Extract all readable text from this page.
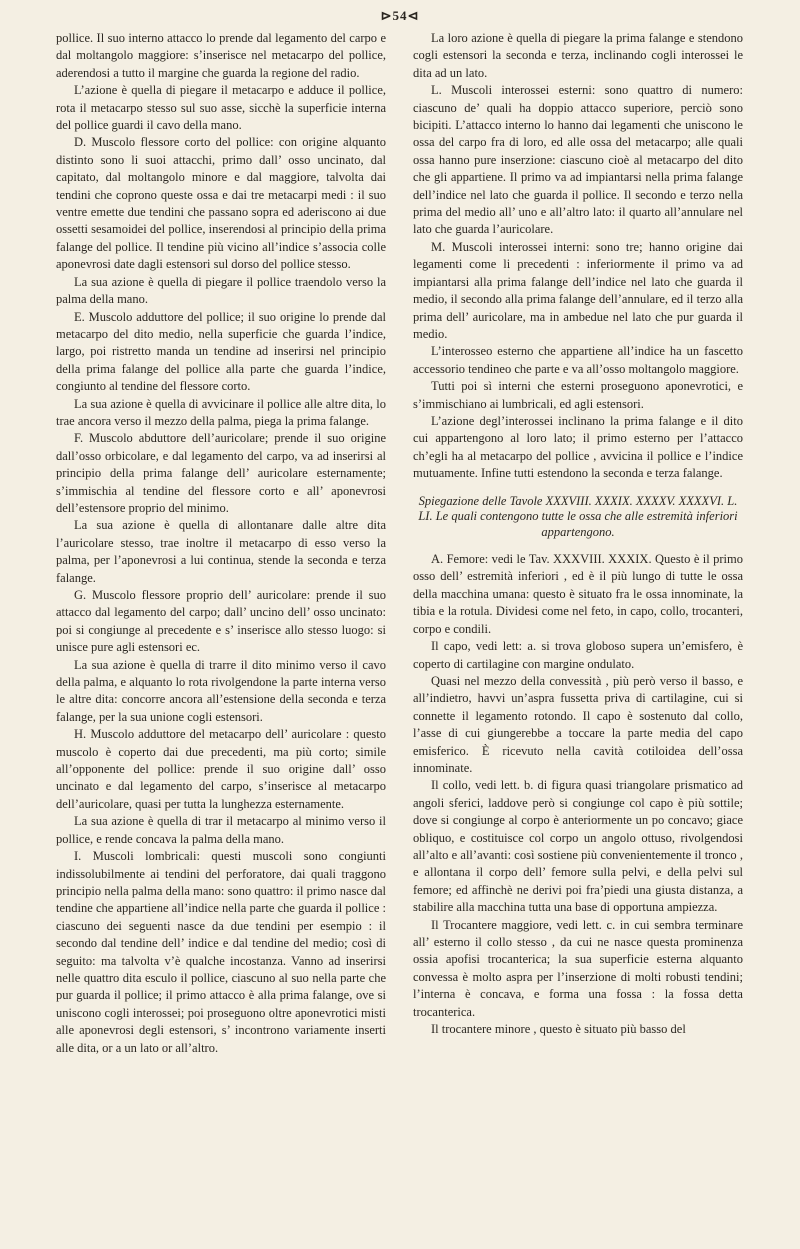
⊳54⊲

pollice. Il suo interno attacco lo prende dal legamento del carpo e dal moltangolo maggiore: s’inserisce nel metacarpo del pollice, aderendosi a tutto il margine che guarda la regione del radio.

L’azione è quella di piegare il metacarpo e adduce il pollice, rota il metacarpo stesso sul suo asse, sicchè la superficie interna del pollice guardi il cavo della mano.

D. Muscolo flessore corto del pollice: con origine alquanto distinto sono li suoi attacchi, primo dall’ osso uncinato, dal capitato, dal moltangolo minore e dal maggiore, talvolta dai tendini che coprono queste ossa e dai tre metacarpi medi : il suo ventre emette due tendini che passano sopra ed aderiscono ai due ossetti sesamoidei del pollice, inserendosi al principio della prima falange del pollice. Il tendine più vicino all’indice s’associa colle aponevrosi date dagli estensori sul dorso del pollice stesso.

La sua azione è quella di piegare il pollice traendolo verso la palma della mano.

E. Muscolo adduttore del pollice; il suo origine lo prende dal metacarpo del dito medio, nella superficie che guarda l’indice, largo, poi ristretto manda un tendine ad inserirsi nel principio della prima falange del pollice alla parte che guarda l’indice, congiunto al tendine del flessore corto.

La sua azione è quella di avvicinare il pollice alle altre dita, lo trae ancora verso il mezzo della palma, piega la prima falange.

F. Muscolo abduttore dell’auricolare; prende il suo origine dall’osso orbicolare, e dal legamento del carpo, va ad inserirsi al principio della prima falange dell’ auricolare esternamente; s’immischia al tendine del flessore corto e all’ aponevrosi dell’estensore proprio del minimo.

La sua azione è quella di allontanare dalle altre dita l’auricolare stesso, trae inoltre il metacarpo di esso verso la palma, per l’aponevrosi a lui continua, stende la seconda e terza falange.

G. Muscolo flessore proprio dell’ auricolare: prende il suo attacco dal legamento del carpo; dall’ uncino dell’ osso uncinato: poi si congiunge al precedente e s’ inserisce allo stesso luogo: si unisce pure agli estensori ec.

La sua azione è quella di trarre il dito minimo verso il cavo della palma, e alquanto lo rota rivolgendone la parte interna verso le altre dita: concorre ancora all’estensione della seconda e terza falange, per la sua unione cogli estensori.

H. Muscolo adduttore del metacarpo dell’ auricolare : questo muscolo è coperto dai due precedenti, ma più corto; simile all’opponente del pollice: prende il suo origine dall’ osso uncinato e dal legamento del carpo, s’inserisce al metacarpo dell’auricolare, quasi per tutta la lunghezza esternamente.

La sua azione è quella di trar il metacarpo al minimo verso il pollice, e rende concava la palma della mano.

I. Muscoli lombricali: questi muscoli sono congiunti indissolubilmente ai tendini del perforatore, dai quali traggono principio nella palma della mano: sono quattro: il primo nasce dal tendine che appartiene all’indice nella parte che guarda il pollice : ciascuno dei seguenti nasce da due tendini per esempio : il secondo dal tendine dell’ indice e dal tendine del medio; così di seguito: ma talvolta v’è qualche incostanza. Vanno ad inserirsi nelle quattro dita esculo il pollice, ciascuno al suo nella parte che pur guarda il pollice; il primo attacco è alla prima falange, ove si uniscono cogli interossei; poi proseguono oltre aponevrotici misti alle aponevrosi degli estensori, s’ incontrono variamente inserti alle dita, or a un lato or all’altro.

La loro azione è quella di piegare la prima falange e stendono cogli estensori la seconda e terza, inclinando cogli interossei le dita ad un lato.

L. Muscoli interossei esterni: sono quattro di numero: ciascuno de’ quali ha doppio attacco superiore, perciò sono bicipiti. L’attacco interno lo hanno dai legamenti che uniscono le ossa del carpo fra di loro, ed alle ossa del metacarpo; alle quali ossa hanno pure inserzione: ciascuno cioè al metacarpo del dito che gli appartiene. Il primo va ad impiantarsi nella prima falange dell’indice nel lato che guarda il pollice. Il secondo e terzo nella prima del medio all’ uno e all’altro lato: il quarto all’annulare nel lato che guarda l’auricolare.

M. Muscoli interossei interni: sono tre; hanno origine dai legamenti come li precedenti : inferiormente il primo va ad impiantarsi alla prima falange dell’indice nel lato che guarda il medio, il secondo alla prima falange dell’annulare, ed il terzo alla prima dell’ auricolare, ma in ambedue nel lato che pur guarda il medio.

L’interosseo esterno che appartiene all’indice ha un fascetto accessorio tendineo che parte e va all’osso moltangolo maggiore.

Tutti poi sì interni che esterni proseguono aponevrotici, e s’immischiano ai lumbricali, ed agli estensori.

L’azione degl’interossei inclinano la prima falange e il dito cui appartengono al loro lato; il primo esterno per l’attacco ch’egli ha al metacarpo del pollice , avvicina il pollice e l’indice mutuamente. Infine tutti estendono la seconda e terza falange.

Spiegazione delle Tavole XXXVIII. XXXIX. XXXXV. XXXXVI. L. LI. Le quali contengono tutte le ossa che alle estremità inferiori appartengono.

A. Femore: vedi le Tav. XXXVIII. XXXIX. Questo è il primo osso dell’ estremità inferiori , ed è il più lungo di tutte le ossa della macchina umana: questo è situato fra le ossa innominate, la tibia e la rotula. Dividesi come nel feto, in capo, collo, trocanteri, corpo e condili.

Il capo, vedi lett: a. si trova globoso supera un’emisfero, è coperto di cartilagine con margine ondulato.

Quasi nel mezzo della convessità , più però verso il basso, e all’indietro, havvi un’aspra fussetta priva di cartilagine, cui si connette il legamento rotondo. Il capo è sostenuto dal collo, l’asse di cui giungerebbe a toccare la parte media del capo emisferico. È ricevuto nella cavità cotiloidea dell’ossa innominate.

Il collo, vedi lett. b. di figura quasi triangolare prismatico ad angoli sferici, laddove però si congiunge col capo è più sottile; dove si congiunge al corpo è anteriormente un po concavo; giace obliquo, e costituisce col corpo un angolo ottuso, rivolgendosi all’alto e all’avanti: così sostiene più convenientemente il tronco , e allontana il corpo dell’ femore sulla pelvi, e della pelvi sul femore; ed affinchè ne derivi poi fra’piedi una giusta distanza, a stabilire alla macchina tutta una base di opportuna ampiezza.

Il Trocantere maggiore, vedi lett. c. in cui sembra terminare all’ esterno il collo stesso , da cui ne nasce questa prominenza ossia apofisi trocanterica; la sua superficie esterna alquanto convessa è molto aspra per l’inserzione di molti robusti tendini; l’interna è concava, e forma una fossa : la fossa detta trocanterica.

Il trocantere minore , questo è situato più basso del
